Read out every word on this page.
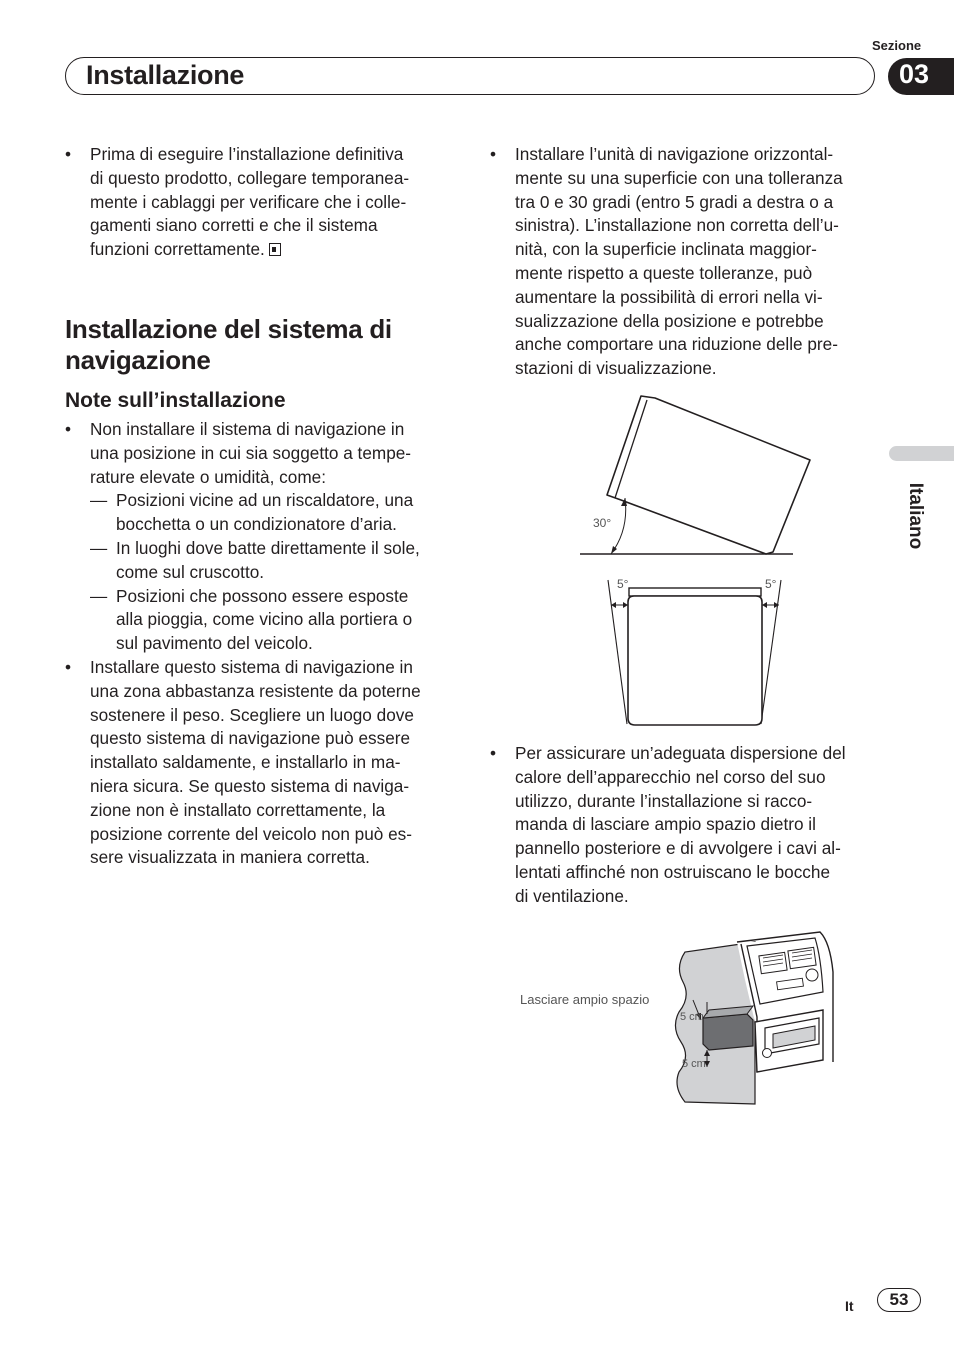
Sezione
Installazione	03
Italiano
• Prima di eseguire l’installazione definitiva
di questo prodotto, collegare temporanea-
mente i cablaggi per verificare che i colle-
gamenti siano corretti e che il sistema
funzioni correttamente.
Installazione del sistema di
navigazione
Note sull’installazione
• Non installare il sistema di navigazione in
una posizione in cui sia soggetto a tempe-
rature elevate o umidità, come:
— Posizioni vicine ad un riscaldatore, una
bocchetta o un condizionatore d’aria.
— In luoghi dove batte direttamente il sole,
come sul cruscotto.
— Posizioni che possono essere esposte
alla pioggia, come vicino alla portiera o
sul pavimento del veicolo.
• Installare questo sistema di navigazione in
una zona abbastanza resistente da poterne
sostenere il peso. Scegliere un luogo dove
questo sistema di navigazione può essere
installato saldamente, e installarlo in ma-
niera sicura. Se questo sistema di naviga-
zione non è installato correttamente, la
posizione corrente del veicolo non può es-
sere visualizzata in maniera corretta.
• Installare l’unità di navigazione orizzontal-
mente su una superficie con una tolleranza
tra 0 e 30 gradi (entro 5 gradi a destra o a
sinistra). L’installazione non corretta dell’u-
nità, con la superficie inclinata maggior-
mente rispetto a queste tolleranze, può
aumentare la possibilità di errori nella vi-
sualizzazione della posizione e potrebbe
anche comportare una riduzione delle pre-
stazioni di visualizzazione.
30°
5°	5°
• Per assicurare un’adeguata dispersione del
calore dell’apparecchio nel corso del suo
utilizzo, durante l’installazione si racco-
manda di lasciare ampio spazio dietro il
pannello posteriore e di avvolgere i cavi al-
lentati affinché non ostruiscano le bocche
di ventilazione.
Lasciare ampio spazio
5 cm
5 cm
It	53
